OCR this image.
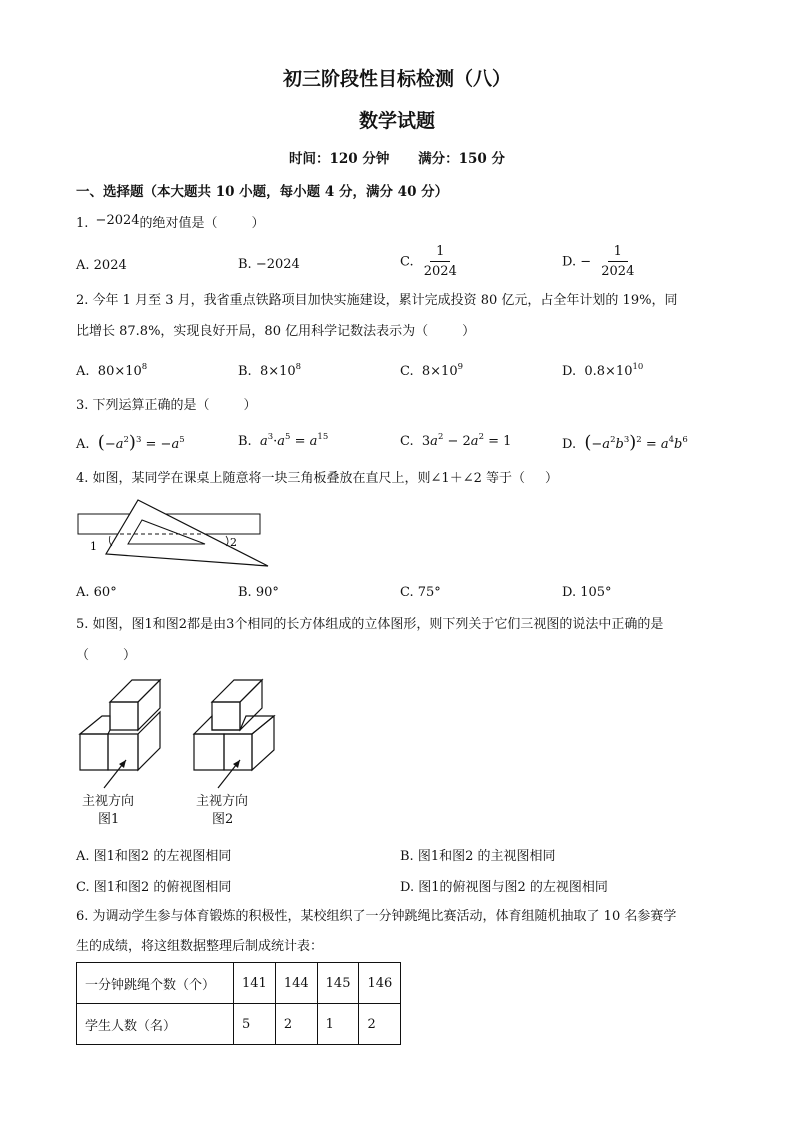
初三阶段性目标检测（八）
数学试题
时间：120 分钟 满分：150 分
一、选择题（本大题共 10 小题，每小题 4 分，满分 40 分）
1. −2024的绝对值是（	）
A. 2024	B. −2024	C. $\frac{1}{2024}$	D. − $\frac{1}{2024}$
2. 今年 1 月至 3 月，我省重点铁路项目加快实施建设，累计完成投资 80 亿元，占全年计划的 19%，同
比增长 87.8%，实现良好开局，80 亿用科学记数法表示为（	）
A. $80\times 10^8$	B. $8\times 10^8$	C. $8\times 10^9$	D. $0.8\times 10^{10}$
3. 下列运算正确的是（	）
A. $(-a^2)^3 = -a^5$	B. $a^3\cdot a^5 = a^{15}$	C. $3a^2 - 2a^2 = 1$	D. $(-a^2b^3)^2 = a^4b^6$
4. 如图，某同学在课桌上随意将一块三角板叠放在直尺上，则∠1＋∠2 等于（ ）
1	2
A. 60°	B. 90°	C. 75°	D. 105°
5. 如图，图1和图2都是由3个相同的长方体组成的立体图形，则下列关于它们三视图的说法中正确的是
（	）
主视方向
图1
主视方向
图2
A. 图1和图2 的左视图相同	B. 图1和图2 的主视图相同
C. 图1和图2 的俯视图相同	D. 图1的俯视图与图2 的左视图相同
6. 为调动学生参与体育锻炼的积极性，某校组织了一分钟跳绳比赛活动，体育组随机抽取了 10 名参赛学
生的成绩，将这组数据整理后制成统计表：
一分钟跳绳个数（个）	141	144	145	146
学生人数（名）	5	2	1	2
